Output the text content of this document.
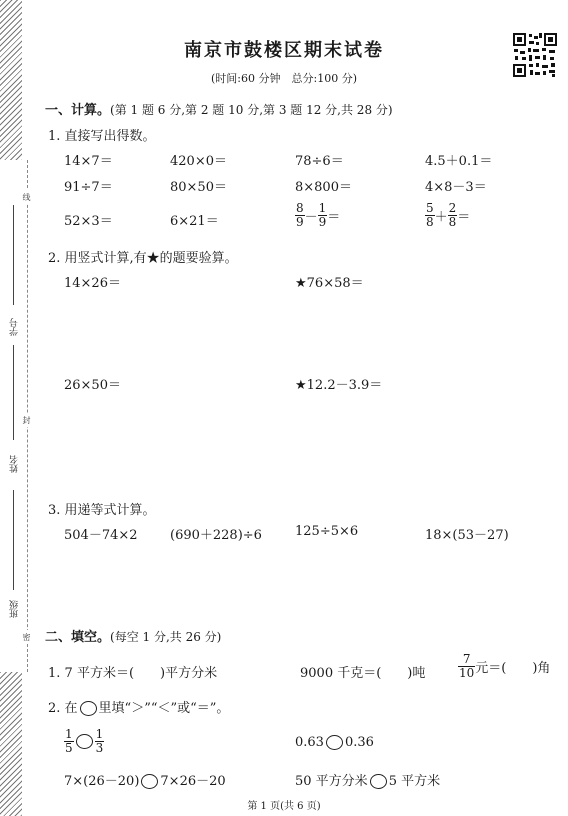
线
封
密
学号
姓名
班级
南京市鼓楼区期末试卷
(时间:60 分钟　总分:100 分)
一、计算。(第 1 题 6 分,第 2 题 10 分,第 3 题 12 分,共 28 分)
1. 直接写出得数。
14×7＝	420×0＝	78÷6＝	4.5＋0.1＝
91÷7＝	80×50＝	8×800＝	4×8－3＝
52×3＝	6×21＝	$\frac{8}{9} - \frac{1}{9}$ ＝	$\frac{5}{8} + \frac{2}{8}$ ＝
2. 用竖式计算,有★的题要验算。
14×26＝	★76×58＝
26×50＝	★12.2－3.9＝
3. 用递等式计算。
504－74×2 (690＋228)÷6	125÷5×6	18×(53－27)
二、填空。(每空 1 分,共 26 分)
1. 7 平方米＝(　　)平方分米	9000 千克＝(　　)吨	$\frac{7}{10}$ 元＝(　　)角
2. 在 里填“＞”“＜”或“＝”。
$\frac{1}{5} \frac{1}{3}$	0.63 0.36
7×(26－20) 7×26－20	50 平方分米 5 平方米
第 1 页(共 6 页)
